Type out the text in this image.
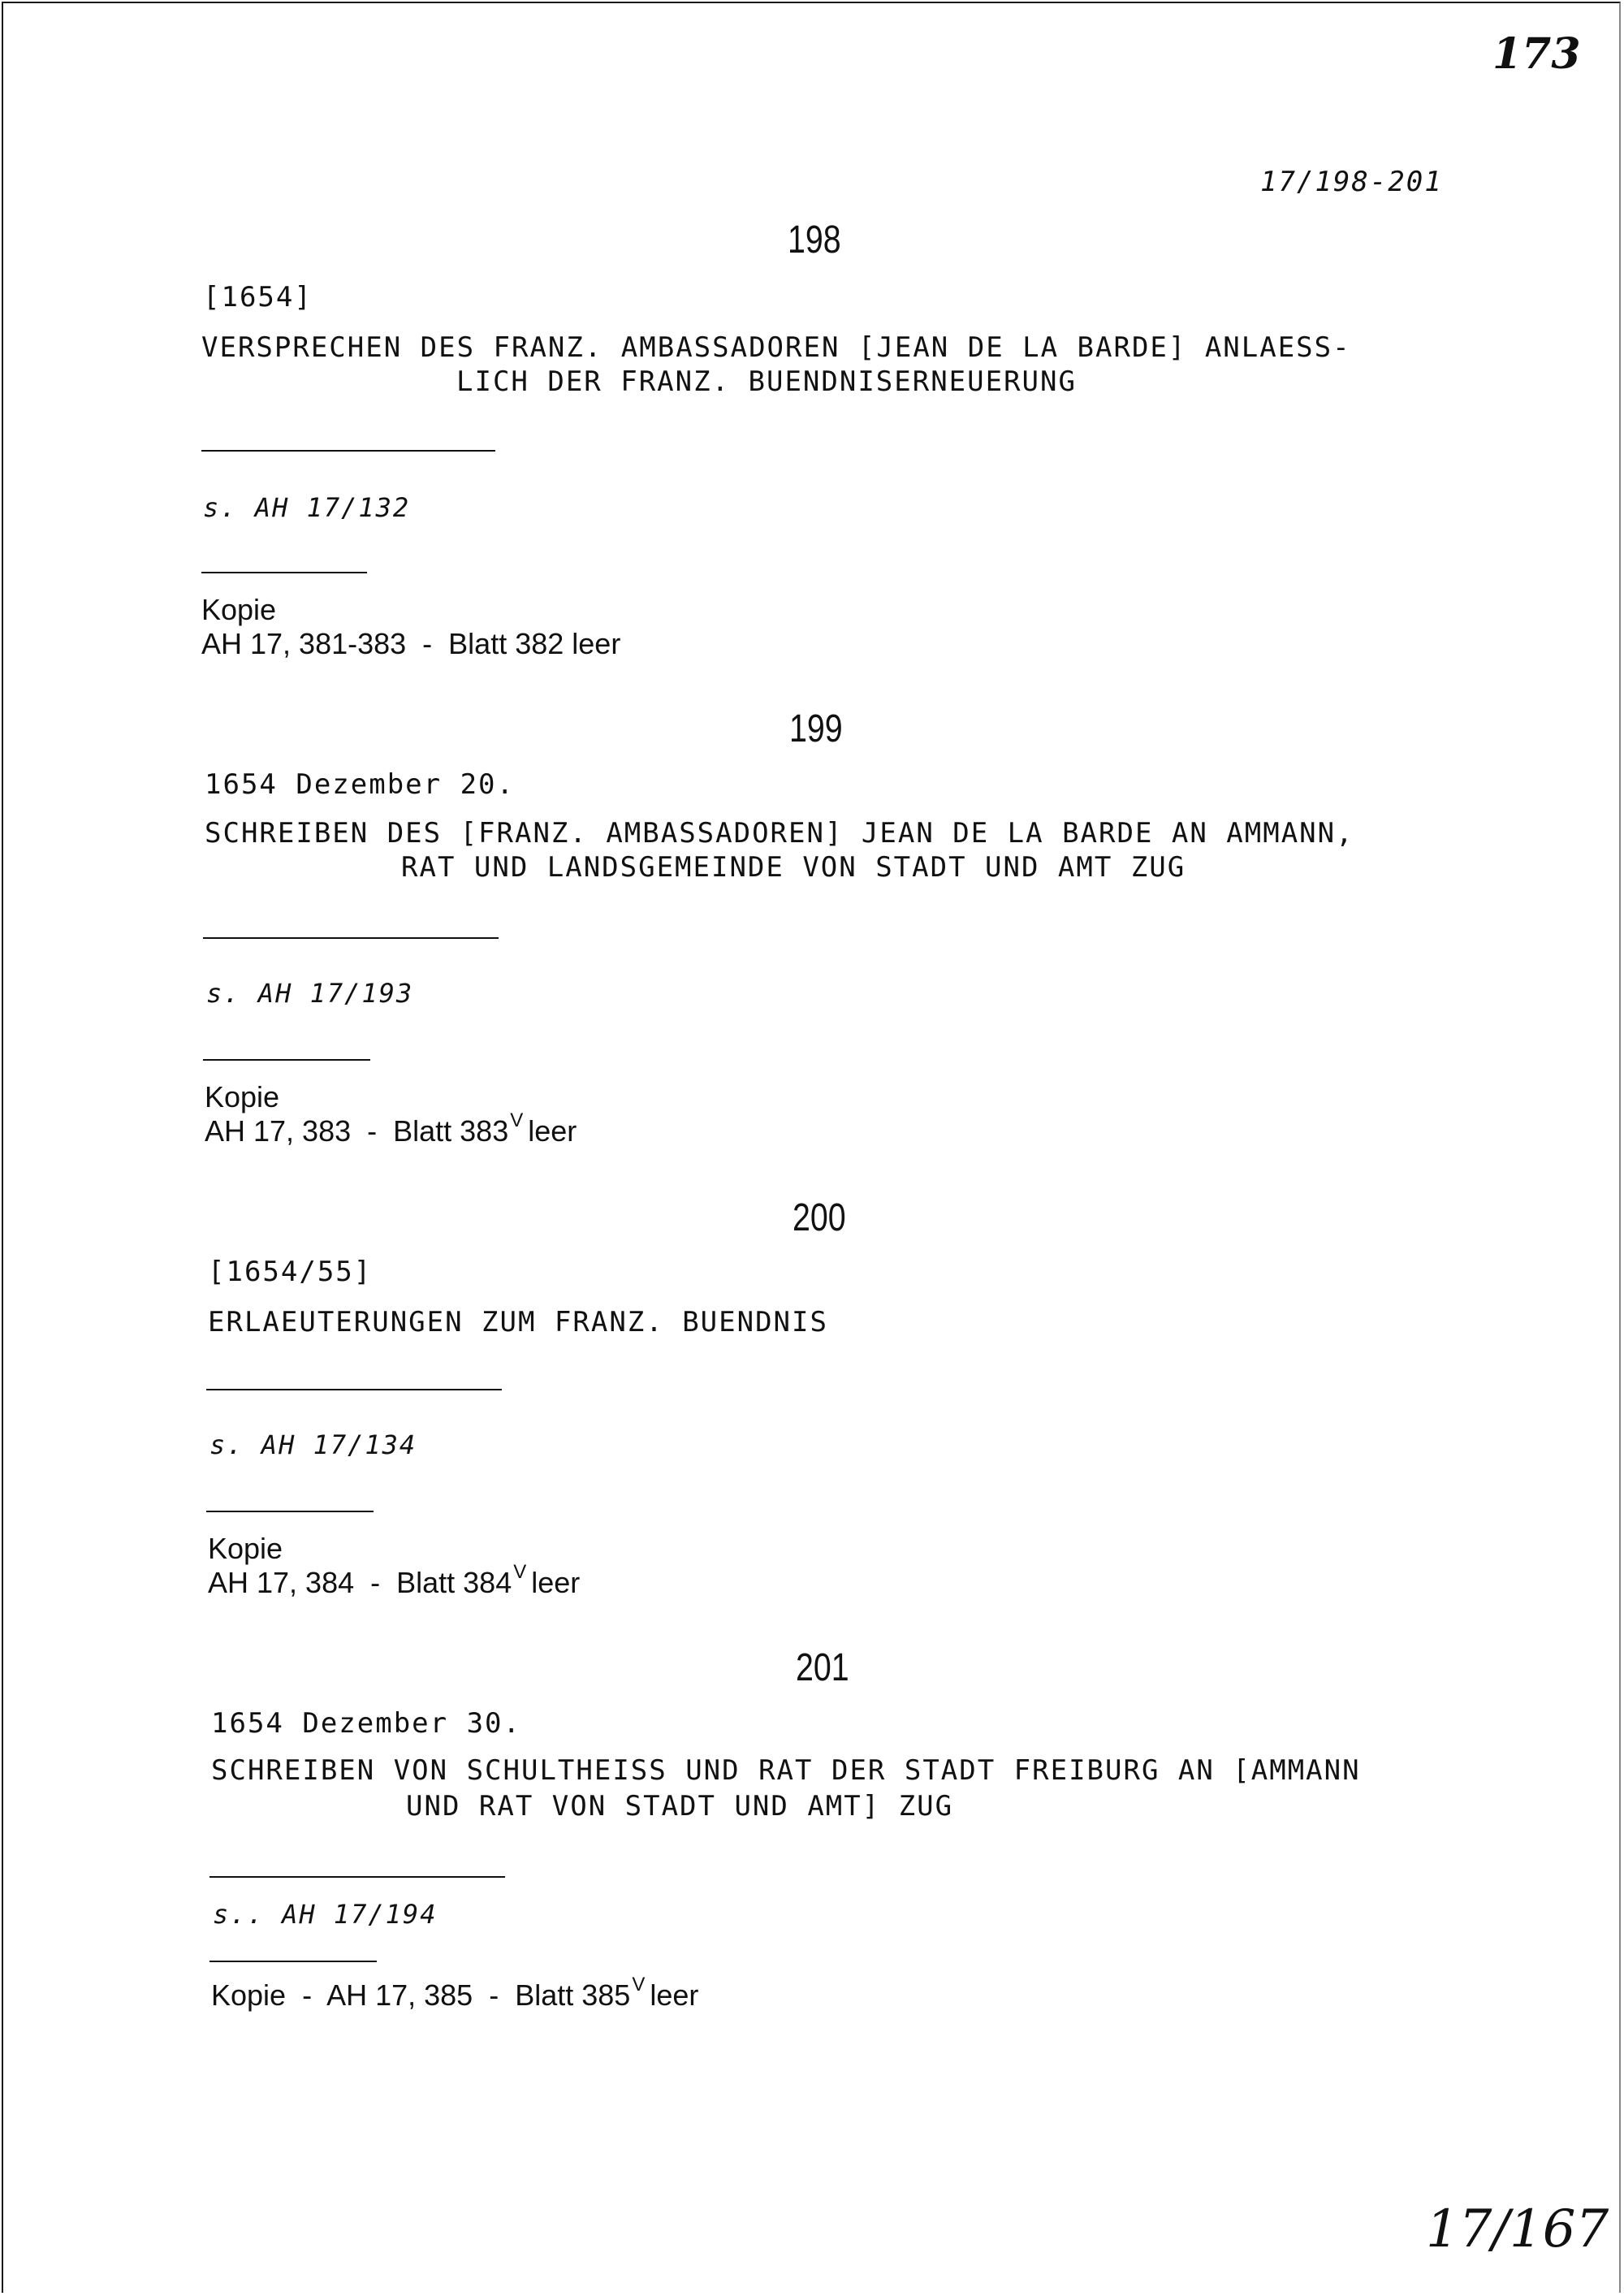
173
17/198-201
198
[1654]
VERSPRECHEN DES FRANZ. AMBASSADOREN [JEAN DE LA BARDE] ANLAESS-
LICH DER FRANZ. BUENDNISERNEUERUNG
s. AH 17/132
Kopie
AH 17, 381-383  -  Blatt 382 leer
199
1654 Dezember 20.
SCHREIBEN DES [FRANZ. AMBASSADOREN] JEAN DE LA BARDE AN AMMANN,
RAT UND LANDSGEMEINDE VON STADT UND AMT ZUG
s. AH 17/193
Kopie
AH 17, 383  -  Blatt $383^V$ leer
200
[1654/55]
ERLAEUTERUNGEN ZUM FRANZ. BUENDNIS
s. AH 17/134
Kopie
AH 17, 384  -  Blatt $384^V$ leer
201
1654 Dezember 30.
SCHREIBEN VON SCHULTHEISS UND RAT DER STADT FREIBURG AN [AMMANN
UND RAT VON STADT UND AMT] ZUG
s.. AH 17/194
Kopie  -  AH 17, 385  -  Blatt $385^V$ leer
17/167
